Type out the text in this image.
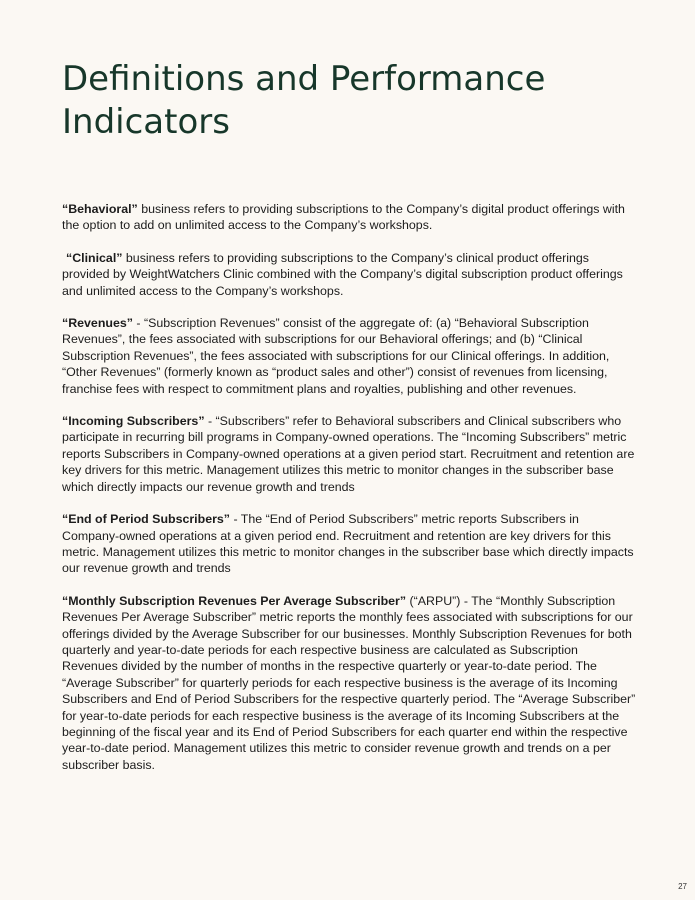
Definitions and Performance Indicators

“Behavioral” business refers to providing subscriptions to the Company’s digital product offerings with the option to add on unlimited access to the Company’s workshops.

“Clinical” business refers to providing subscriptions to the Company’s clinical product offerings provided by WeightWatchers Clinic combined with the Company’s digital subscription product offerings and unlimited access to the Company’s workshops.

“Revenues” - “Subscription Revenues” consist of the aggregate of: (a) “Behavioral Subscription Revenues”, the fees associated with subscriptions for our Behavioral offerings; and (b) “Clinical Subscription Revenues”, the fees associated with subscriptions for our Clinical offerings. In addition, “Other Revenues” (formerly known as “product sales and other”) consist of revenues from licensing, franchise fees with respect to commitment plans and royalties, publishing and other revenues.

“Incoming Subscribers” - “Subscribers” refer to Behavioral subscribers and Clinical subscribers who participate in recurring bill programs in Company-owned operations. The “Incoming Subscribers” metric reports Subscribers in Company-owned operations at a given period start. Recruitment and retention are key drivers for this metric. Management utilizes this metric to monitor changes in the subscriber base which directly impacts our revenue growth and trends

“End of Period Subscribers” - The “End of Period Subscribers” metric reports Subscribers in Company-owned operations at a given period end. Recruitment and retention are key drivers for this metric. Management utilizes this metric to monitor changes in the subscriber base which directly impacts our revenue growth and trends

“Monthly Subscription Revenues Per Average Subscriber” (“ARPU”) - The “Monthly Subscription Revenues Per Average Subscriber” metric reports the monthly fees associated with subscriptions for our offerings divided by the Average Subscriber for our businesses. Monthly Subscription Revenues for both quarterly and year-to-date periods for each respective business are calculated as Subscription Revenues divided by the number of months in the respective quarterly or year-to-date period. The “Average Subscriber” for quarterly periods for each respective business is the average of its Incoming Subscribers and End of Period Subscribers for the respective quarterly period. The “Average Subscriber” for year-to-date periods for each respective business is the average of its Incoming Subscribers at the beginning of the fiscal year and its End of Period Subscribers for each quarter end within the respective year-to-date period. Management utilizes this metric to consider revenue growth and trends on a per subscriber basis.

27
